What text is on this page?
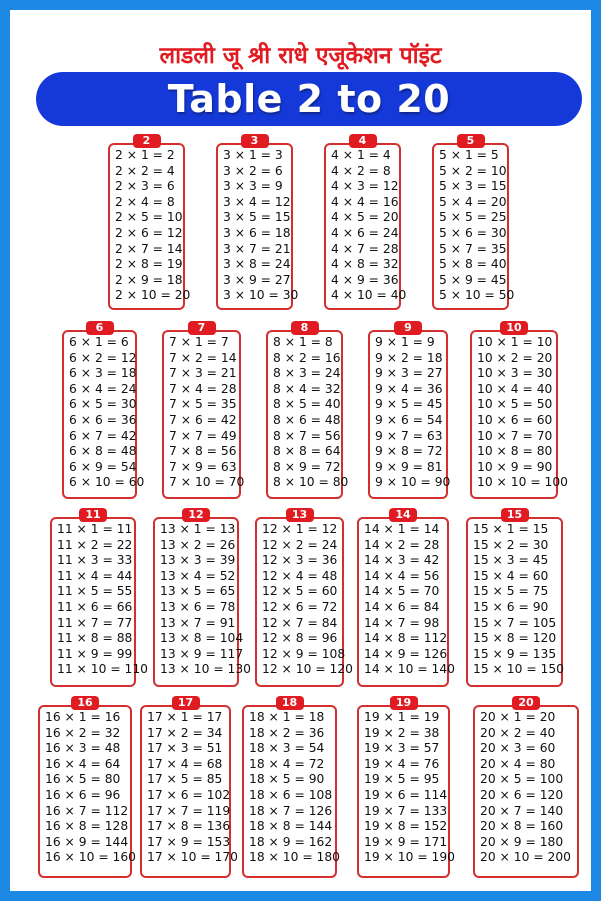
लाडली जू श्री राधे एजूकेशन पॉइंट
Table 2 to 20
2
2 × 1 = 2
2 × 2 = 4
2 × 3 = 6
2 × 4 = 8
2 × 5 = 10
2 × 6 = 12
2 × 7 = 14
2 × 8 = 19
2 × 9 = 18
2 × 10 = 20
3
3 × 1 = 3
3 × 2 = 6
3 × 3 = 9
3 × 4 = 12
3 × 5 = 15
3 × 6 = 18
3 × 7 = 21
3 × 8 = 24
3 × 9 = 27
3 × 10 = 30
4
4 × 1 = 4
4 × 2 = 8
4 × 3 = 12
4 × 4 = 16
4 × 5 = 20
4 × 6 = 24
4 × 7 = 28
4 × 8 = 32
4 × 9 = 36
4 × 10 = 40
5
5 × 1 = 5
5 × 2 = 10
5 × 3 = 15
5 × 4 = 20
5 × 5 = 25
5 × 6 = 30
5 × 7 = 35
5 × 8 = 40
5 × 9 = 45
5 × 10 = 50
6
6 × 1 = 6
6 × 2 = 12
6 × 3 = 18
6 × 4 = 24
6 × 5 = 30
6 × 6 = 36
6 × 7 = 42
6 × 8 = 48
6 × 9 = 54
6 × 10 = 60
7
7 × 1 = 7
7 × 2 = 14
7 × 3 = 21
7 × 4 = 28
7 × 5 = 35
7 × 6 = 42
7 × 7 = 49
7 × 8 = 56
7 × 9 = 63
7 × 10 = 70
8
8 × 1 = 8
8 × 2 = 16
8 × 3 = 24
8 × 4 = 32
8 × 5 = 40
8 × 6 = 48
8 × 7 = 56
8 × 8 = 64
8 × 9 = 72
8 × 10 = 80
9
9 × 1 = 9
9 × 2 = 18
9 × 3 = 27
9 × 4 = 36
9 × 5 = 45
9 × 6 = 54
9 × 7 = 63
9 × 8 = 72
9 × 9 = 81
9 × 10 = 90
10
10 × 1 = 10
10 × 2 = 20
10 × 3 = 30
10 × 4 = 40
10 × 5 = 50
10 × 6 = 60
10 × 7 = 70
10 × 8 = 80
10 × 9 = 90
10 × 10 = 100
11
11 × 1 = 11
11 × 2 = 22
11 × 3 = 33
11 × 4 = 44
11 × 5 = 55
11 × 6 = 66
11 × 7 = 77
11 × 8 = 88
11 × 9 = 99
11 × 10 = 110
12
13 × 1 = 13
13 × 2 = 26
13 × 3 = 39
13 × 4 = 52
13 × 5 = 65
13 × 6 = 78
13 × 7 = 91
13 × 8 = 104
13 × 9 = 117
13 × 10 = 130
13
12 × 1 = 12
12 × 2 = 24
12 × 3 = 36
12 × 4 = 48
12 × 5 = 60
12 × 6 = 72
12 × 7 = 84
12 × 8 = 96
12 × 9 = 108
12 × 10 = 120
14
14 × 1 = 14
14 × 2 = 28
14 × 3 = 42
14 × 4 = 56
14 × 5 = 70
14 × 6 = 84
14 × 7 = 98
14 × 8 = 112
14 × 9 = 126
14 × 10 = 140
15
15 × 1 = 15
15 × 2 = 30
15 × 3 = 45
15 × 4 = 60
15 × 5 = 75
15 × 6 = 90
15 × 7 = 105
15 × 8 = 120
15 × 9 = 135
15 × 10 = 150
16
16 × 1 = 16
16 × 2 = 32
16 × 3 = 48
16 × 4 = 64
16 × 5 = 80
16 × 6 = 96
16 × 7 = 112
16 × 8 = 128
16 × 9 = 144
16 × 10 = 160
17
17 × 1 = 17
17 × 2 = 34
17 × 3 = 51
17 × 4 = 68
17 × 5 = 85
17 × 6 = 102
17 × 7 = 119
17 × 8 = 136
17 × 9 = 153
17 × 10 = 170
18
18 × 1 = 18
18 × 2 = 36
18 × 3 = 54
18 × 4 = 72
18 × 5 = 90
18 × 6 = 108
18 × 7 = 126
18 × 8 = 144
18 × 9 = 162
18 × 10 = 180
19
19 × 1 = 19
19 × 2 = 38
19 × 3 = 57
19 × 4 = 76
19 × 5 = 95
19 × 6 = 114
19 × 7 = 133
19 × 8 = 152
19 × 9 = 171
19 × 10 = 190
20
20 × 1 = 20
20 × 2 = 40
20 × 3 = 60
20 × 4 = 80
20 × 5 = 100
20 × 6 = 120
20 × 7 = 140
20 × 8 = 160
20 × 9 = 180
20 × 10 = 200
